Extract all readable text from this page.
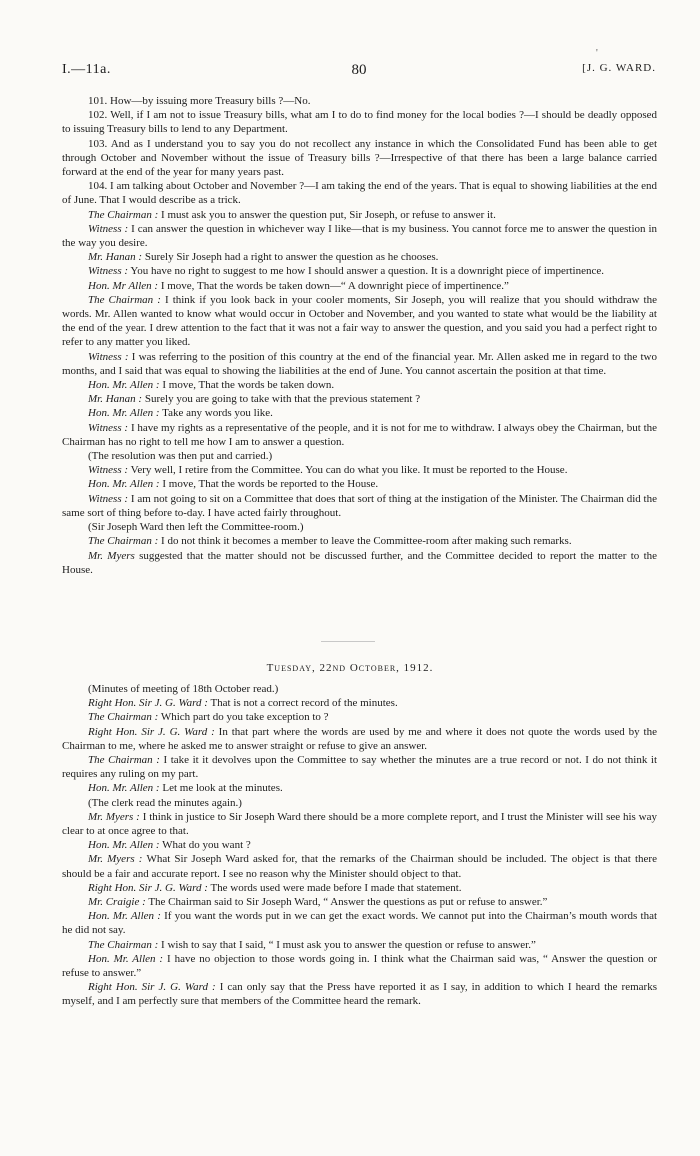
'
I.—11a.	80	[J. G. WARD.

101. How—by issuing more Treasury bills ?—No.

102. Well, if I am not to issue Treasury bills, what am I to do to find money for the local bodies ?—I should be deadly opposed to issuing Treasury bills to lend to any Department.

103. And as I understand you to say you do not recollect any instance in which the Consolidated Fund has been able to get through October and November without the issue of Treasury bills ?—Irrespective of that there has been a large balance carried forward at the end of the year for many years past.

104. I am talking about October and November ?—I am taking the end of the years. That is equal to showing liabilities at the end of June. That I would describe as a trick.

The Chairman : I must ask you to answer the question put, Sir Joseph, or refuse to answer it.

Witness : I can answer the question in whichever way I like—that is my business. You cannot force me to answer the question in the way you desire.

Mr. Hanan : Surely Sir Joseph had a right to answer the question as he chooses.

Witness : You have no right to suggest to me how I should answer a question. It is a downright piece of impertinence.

Hon. Mr Allen : I move, That the words be taken down—“ A downright piece of impertinence.”

The Chairman : I think if you look back in your cooler moments, Sir Joseph, you will realize that you should withdraw the words. Mr. Allen wanted to know what would occur in October and November, and you wanted to state what would be the liability at the end of the year. I drew attention to the fact that it was not a fair way to answer the question, and you said you had a perfect right to refer to any matter you liked.

Witness : I was referring to the position of this country at the end of the financial year. Mr. Allen asked me in regard to the two months, and I said that was equal to showing the liabilities at the end of June. You cannot ascertain the position at that time.

Hon. Mr. Allen : I move, That the words be taken down.

Mr. Hanan : Surely you are going to take with that the previous statement ?

Hon. Mr. Allen : Take any words you like.

Witness : I have my rights as a representative of the people, and it is not for me to withdraw. I always obey the Chairman, but the Chairman has no right to tell me how I am to answer a question.

(The resolution was then put and carried.)

Witness : Very well, I retire from the Committee. You can do what you like. It must be reported to the House.

Hon. Mr. Allen : I move, That the words be reported to the House.

Witness : I am not going to sit on a Committee that does that sort of thing at the instigation of the Minister. The Chairman did the same sort of thing before to-day. I have acted fairly throughout.

(Sir Joseph Ward then left the Committee-room.)

The Chairman : I do not think it becomes a member to leave the Committee-room after making such remarks.

Mr. Myers suggested that the matter should not be discussed further, and the Committee decided to report the matter to the House.

Tuesday, 22nd October, 1912.

(Minutes of meeting of 18th October read.)

Right Hon. Sir J. G. Ward : That is not a correct record of the minutes.

The Chairman : Which part do you take exception to ?

Right Hon. Sir J. G. Ward : In that part where the words are used by me and where it does not quote the words used by the Chairman to me, where he asked me to answer straight or refuse to give an answer.

The Chairman : I take it it devolves upon the Committee to say whether the minutes are a true record or not. I do not think it requires any ruling on my part.

Hon. Mr. Allen : Let me look at the minutes.

(The clerk read the minutes again.)

Mr. Myers : I think in justice to Sir Joseph Ward there should be a more complete report, and I trust the Minister will see his way clear to at once agree to that.

Hon. Mr. Allen : What do you want ?

Mr. Myers : What Sir Joseph Ward asked for, that the remarks of the Chairman should be included. The object is that there should be a fair and accurate report. I see no reason why the Minister should object to that.

Right Hon. Sir J. G. Ward : The words used were made before I made that statement.

Mr. Craigie : The Chairman said to Sir Joseph Ward, “ Answer the questions as put or refuse to answer.”

Hon. Mr. Allen : If you want the words put in we can get the exact words. We cannot put into the Chairman’s mouth words that he did not say.

The Chairman : I wish to say that I said, “ I must ask you to answer the question or refuse to answer.”

Hon. Mr. Allen : I have no objection to those words going in. I think what the Chairman said was, “ Answer the question or refuse to answer.”

Right Hon. Sir J. G. Ward : I can only say that the Press have reported it as I say, in addition to which I heard the remarks myself, and I am perfectly sure that members of the Committee heard the remark.
